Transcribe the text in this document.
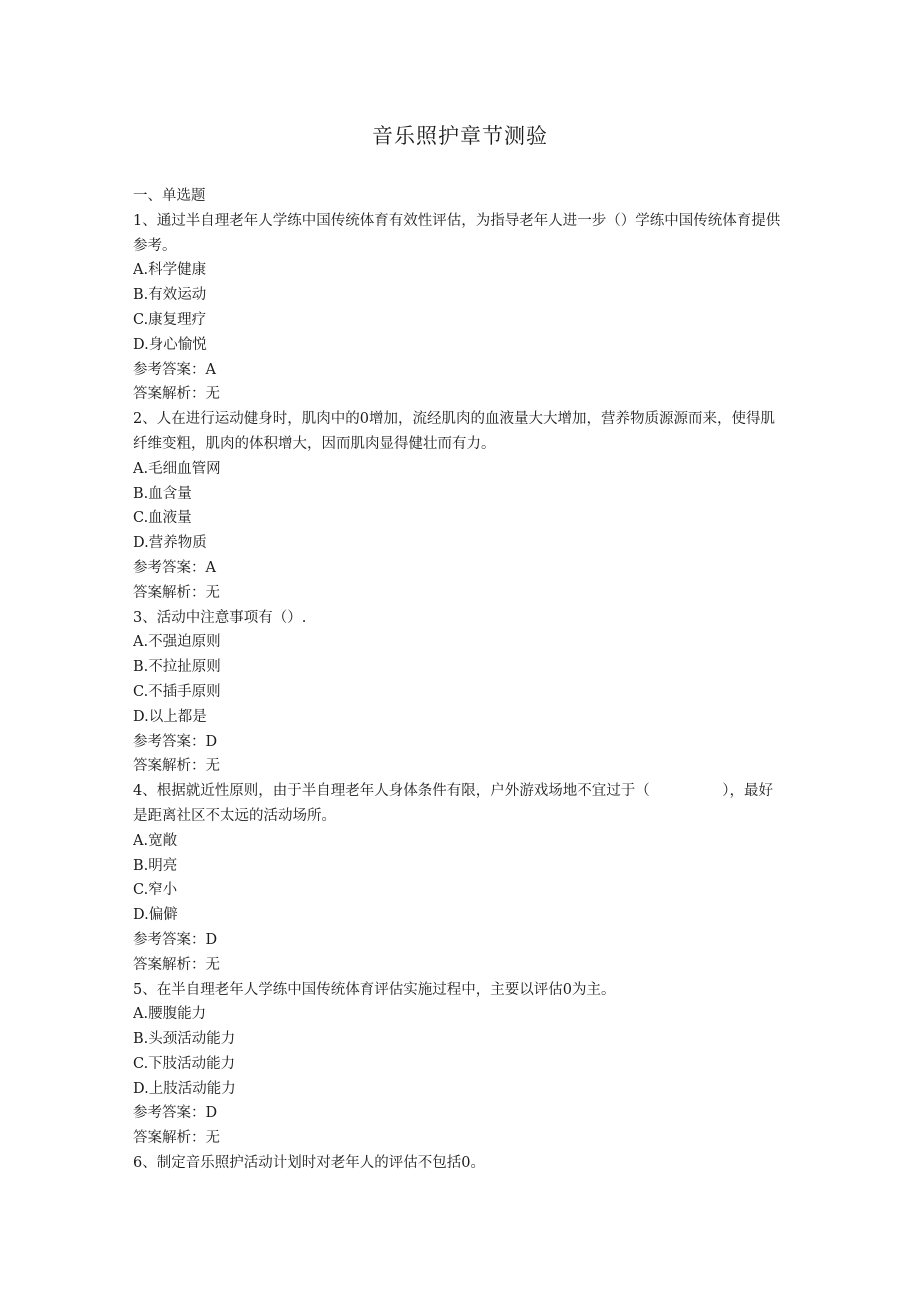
音乐照护章节测验
一、单选题
1、通过半自理老年人学练中国传统体育有效性评估，为指导老年人进一步（）学练中国传统体育提供参考。
A.科学健康
B.有效运动
C.康复理疗
D.身心愉悦
参考答案：A
答案解析：无
2、人在进行运动健身时，肌肉中的0增加，流经肌肉的血液量大大增加，营养物质源源而来，使得肌纤维变粗，肌肉的体积增大，因而肌肉显得健壮而有力。
A.毛细血管网
B.血含量
C.血液量
D.营养物质
参考答案：A
答案解析：无
3、活动中注意事项有（）.
A.不强迫原则
B.不拉扯原则
C.不插手原则
D.以上都是
参考答案：D
答案解析：无
4、根据就近性原则，由于半自理老年人身体条件有限，户外游戏场地不宜过于（　　　　　），最好是距离社区不太远的活动场所。
A.宽敞
B.明亮
C.窄小
D.偏僻
参考答案：D
答案解析：无
5、在半自理老年人学练中国传统体育评估实施过程中，主要以评估0为主。
A.腰腹能力
B.头颈活动能力
C.下肢活动能力
D.上肢活动能力
参考答案：D
答案解析：无
6、制定音乐照护活动计划时对老年人的评估不包括0。
